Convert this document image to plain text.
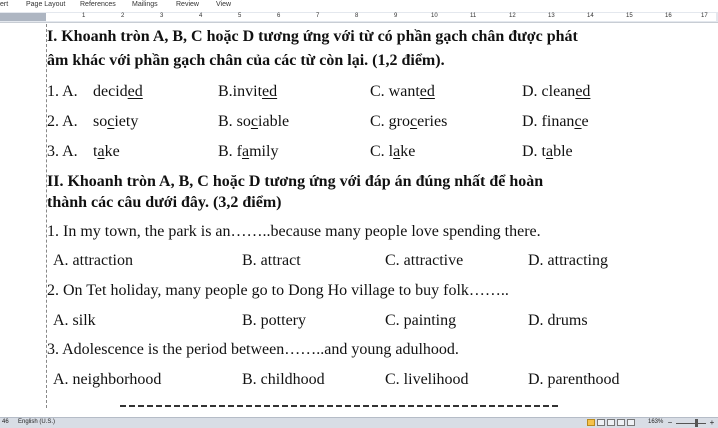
ert	Page Layout References Mailings	Review View
1	2	3	4	5	6	7	8	9	10	11	12	13	14	15	16	17
I. Khoanh tròn A, B, C hoặc D tương ứng với từ có phần gạch chân được phát
âm khác với phần gạch chân của các từ còn lại. (1,2 điểm).
1. A. decided	B.invited	C. wanted	D. cleaned
2. A. society	B. sociable	C. groceries	D. finance
3. A. take	B. family	C. lake	D. table
II. Khoanh tròn A, B, C hoặc D tương ứng với đáp án đúng nhất để hoàn
thành các câu dưới đây. (3,2 điểm)
1. In my town, the park is an……..because many people love spending there.
A. attraction	B. attract	C. attractive	D. attracting
2. On Tet holiday, many people go to Dong Ho village to buy folk……..
A. silk	B. pottery	C. painting	D. drums
3. Adolescence is the period between……..and young adulhood.
A. neighborhood	B. childhood	C. livelihood	D. parenthood
46 English (U.S.)	163% −	+
